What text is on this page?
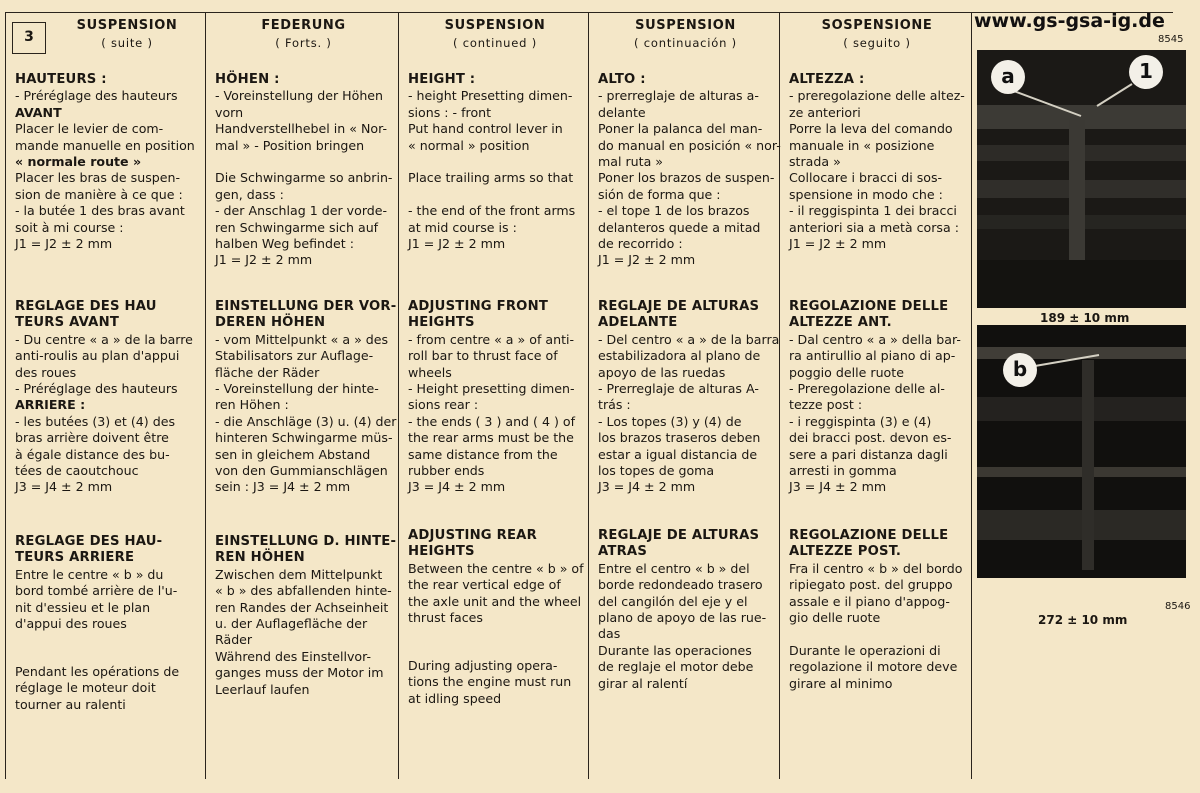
3
SUSPENSION
( suite )
HAUTEURS :
- Préréglage des hauteurs
AVANT
Placer le levier de com-
mande manuelle en position
« normale route »
Placer les bras de suspen-
sion de manière à ce que :
- la butée 1 des bras avant
soit à mi course :
J1 = J2 ± 2 mm
REGLAGE DES HAU
TEURS AVANT
- Du centre « a » de la barre
anti-roulis au plan d'appui
des roues
- Préréglage des hauteurs
ARRIERE :
- les butées (3) et (4) des
bras arrière doivent être
à égale distance des bu-
tées de caoutchouc
J3 = J4 ± 2 mm
REGLAGE DES HAU-
TEURS ARRIERE
Entre le centre « b » du
bord tombé arrière de l'u-
nit d'essieu et le plan
d'appui des roues
Pendant les opérations de
réglage le moteur doit
tourner au ralenti
FEDERUNG
( Forts. )
HÖHEN :
- Voreinstellung der Höhen
vorn
Handverstellhebel in « Nor-
mal » - Position bringen

Die Schwingarme so anbrin-
gen, dass :
- der Anschlag 1 der vorde-
ren Schwingarme sich auf
halben Weg befindet :
J1 = J2 ± 2 mm
EINSTELLUNG DER VOR-
DEREN HÖHEN
- vom Mittelpunkt « a » des
Stabilisators zur Auflage-
fläche der Räder
- Voreinstellung der hinte-
ren Höhen :
- die Anschläge (3) u. (4) der
hinteren Schwingarme müs-
sen in gleichem Abstand
von den Gummianschlägen
sein : J3 = J4 ± 2 mm
EINSTELLUNG D. HINTE-
REN HÖHEN
Zwischen dem Mittelpunkt
« b » des abfallenden hinte-
ren Randes der Achseinheit
u. der Auflagefläche der
Räder
Während des Einstellvor-
ganges muss der Motor im
Leerlauf laufen
SUSPENSION
( continued )
HEIGHT :
- height Presetting dimen-
sions : - front
Put hand control lever in
« normal » position

Place trailing arms so that

- the end of the front arms
at mid course is :
J1 = J2 ± 2 mm
ADJUSTING FRONT
HEIGHTS
- from centre « a » of anti-
roll bar to thrust face of
wheels
- Height presetting dimen-
sions rear :
- the ends ( 3 ) and ( 4 ) of
the rear arms must be the
same distance from the
rubber ends
J3 = J4 ± 2 mm
ADJUSTING REAR
HEIGHTS
Between the centre « b » of
the rear vertical edge of
the axle unit and the wheel
thrust faces
During adjusting opera-
tions the engine must run
at idling speed
SUSPENSION
( continuación )
ALTO :
- prerreglaje de alturas a-
delante
Poner la palanca del man-
do manual en posición « nor-
mal ruta »
Poner los brazos de suspen-
sión de forma que :
- el tope 1 de los brazos
delanteros quede a mitad
de recorrido :
J1 = J2 ± 2 mm
REGLAJE DE ALTURAS
ADELANTE
- Del centro « a » de la barra
estabilizadora al plano de
apoyo de las ruedas
- Prerreglaje de alturas A-
trás :
- Los topes (3) y (4) de
los brazos traseros deben
estar a igual distancia de
los topes de goma
J3 = J4 ± 2 mm
REGLAJE DE ALTURAS
ATRAS
Entre el centro « b » del
borde redondeado trasero
del cangilón del eje y el
plano de apoyo de las rue-
das
Durante las operaciones
de reglaje el motor debe
girar al ralentí
SOSPENSIONE
( seguito )
ALTEZZA :
- preregolazione delle altez-
ze anteriori
Porre la leva del comando
manuale in « posizione
strada »
Collocare i bracci di sos-
spensione in modo che :
- il reggispinta 1 dei bracci
anteriori sia a metà corsa :
J1 = J2 ± 2 mm
REGOLAZIONE DELLE
ALTEZZE ANT.
- Dal centro « a » della bar-
ra antirullio al piano di ap-
poggio delle ruote
- Preregolazione delle al-
tezze post :
- i reggispinta (3) e (4)
dei bracci post. devon es-
sere a pari distanza dagli
arresti in gomma
J3 = J4 ± 2 mm
REGOLAZIONE DELLE
ALTEZZE POST.
Fra il centro « b » del bordo
ripiegato post. del gruppo
assale e il piano d'appog-
gio delle ruote

Durante le operazioni di
regolazione il motore deve
girare al minimo
www.gs-gsa-ig.de
8545
a	1
189 ± 10 mm
b
8546
272 ± 10 mm
